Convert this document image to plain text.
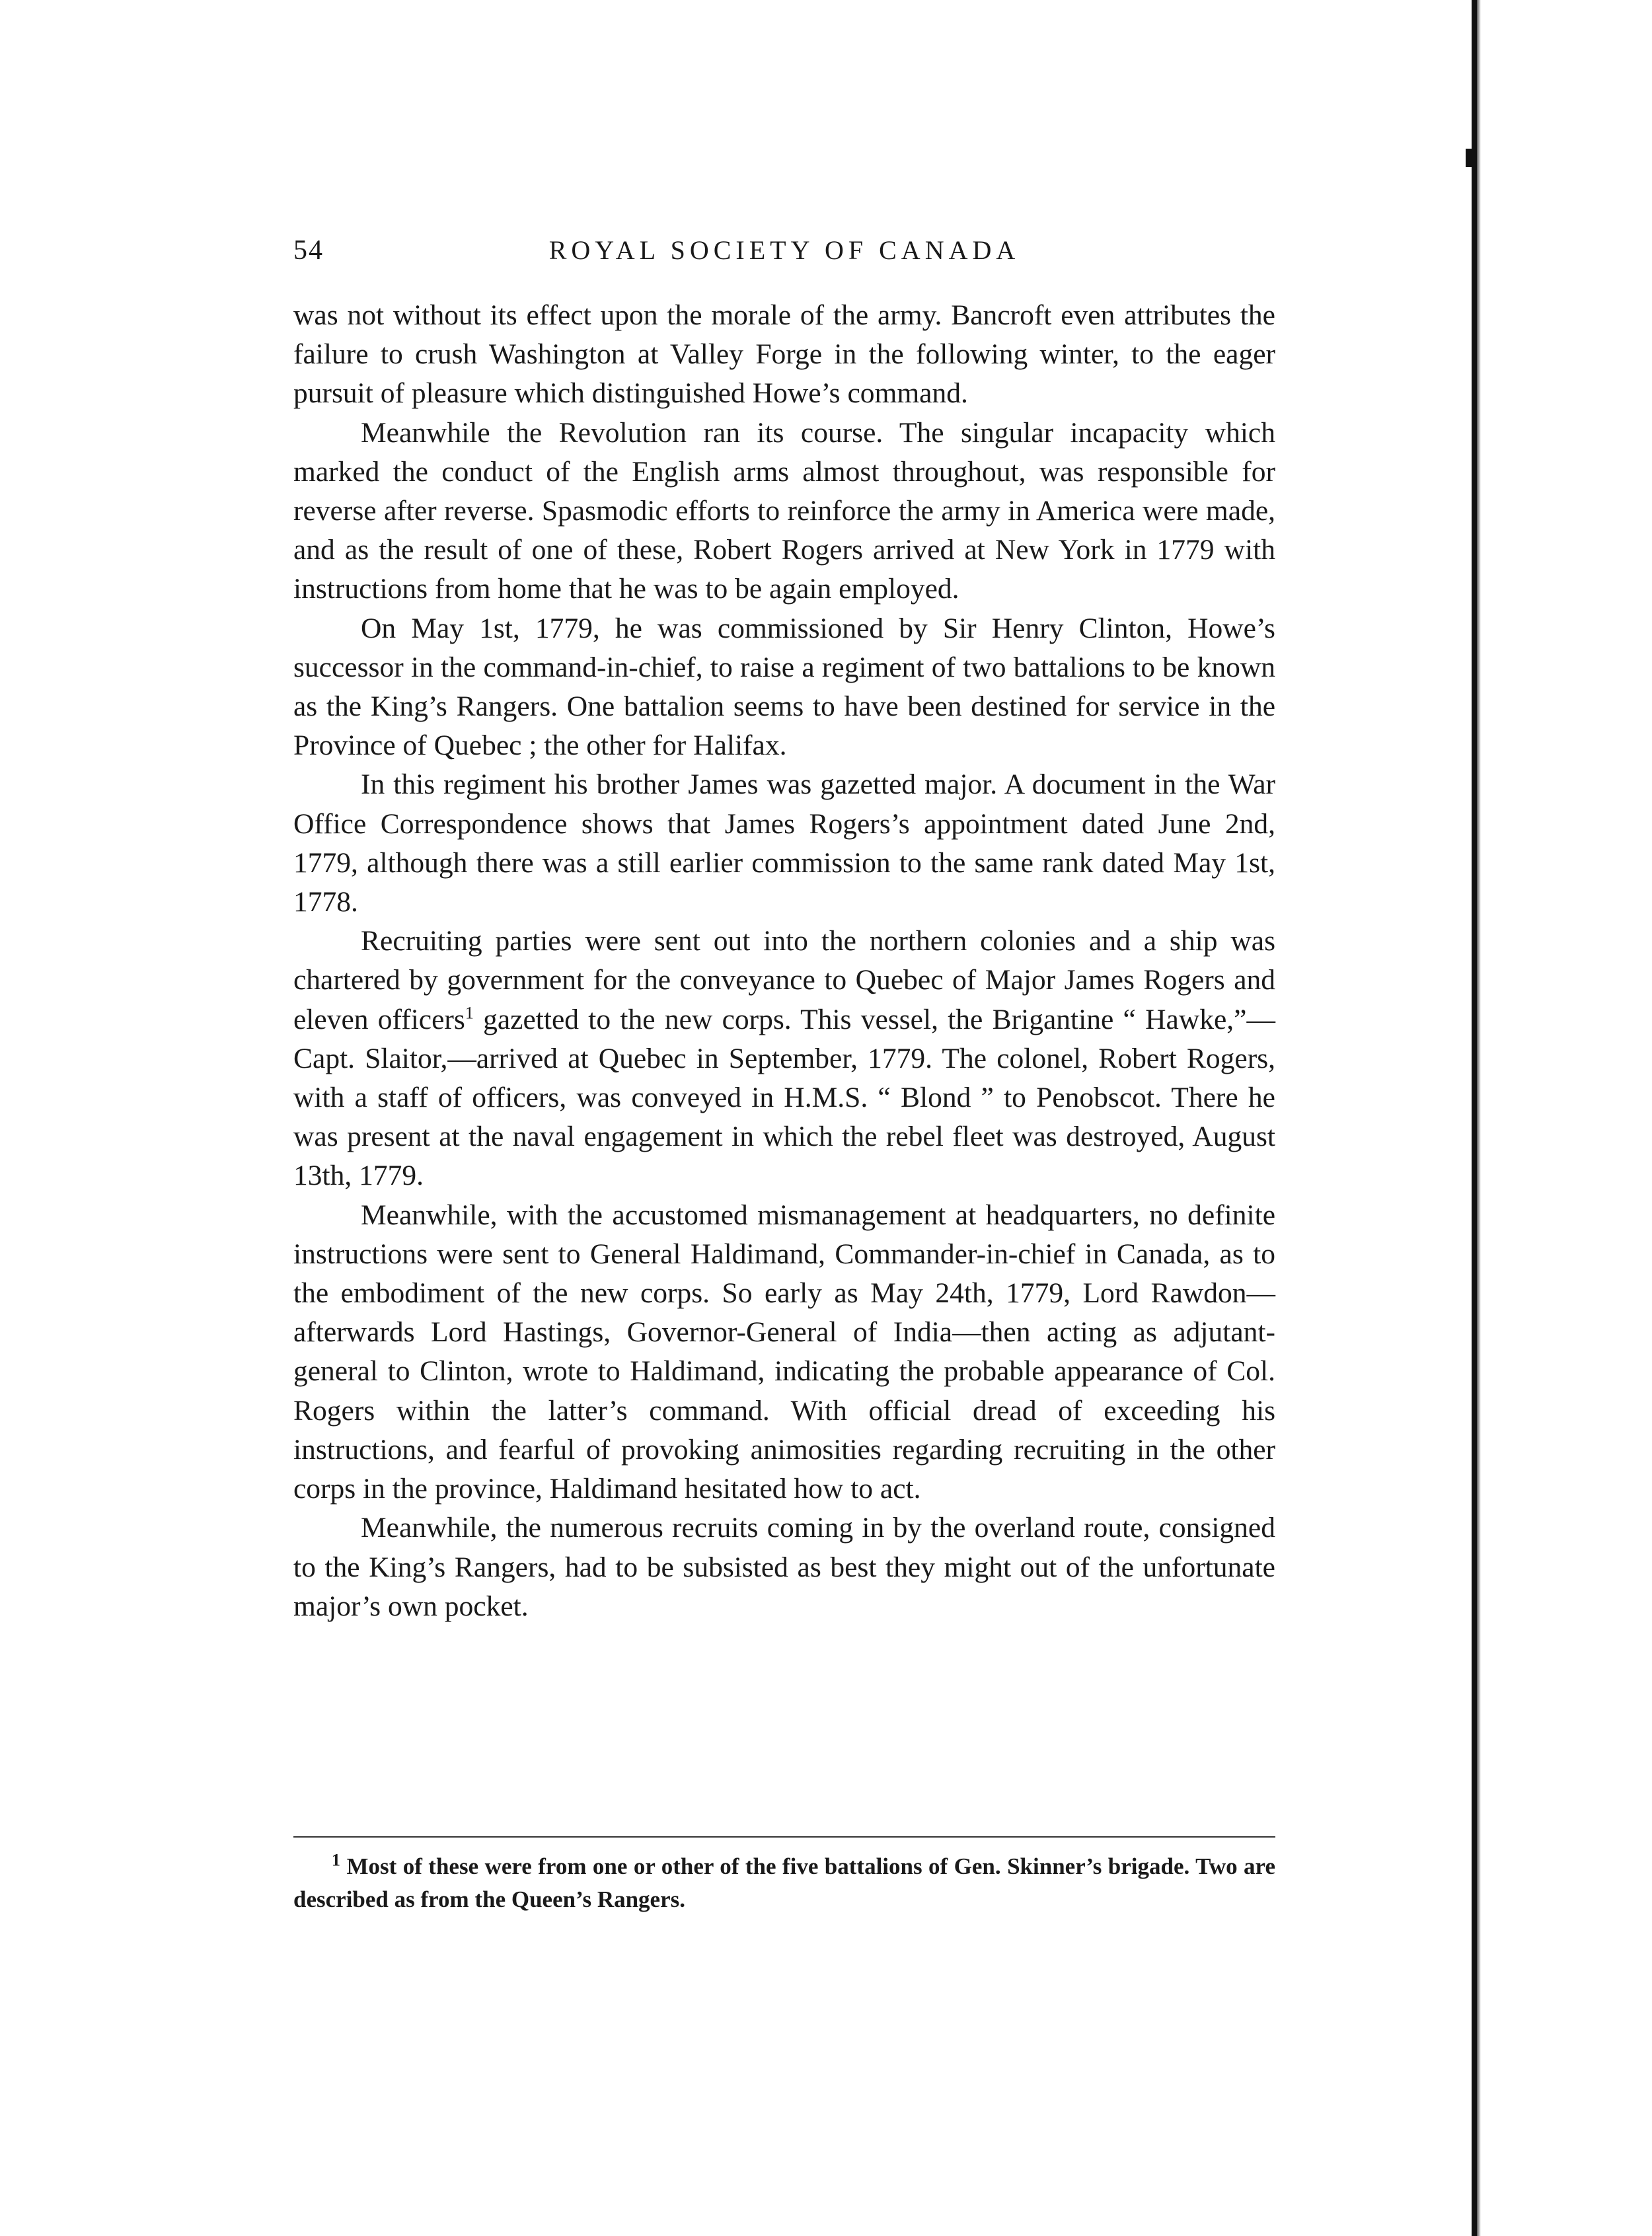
54	ROYAL SOCIETY OF CANADA

was not without its effect upon the morale of the army. Bancroft even attributes the failure to crush Washington at Valley Forge in the following winter, to the eager pursuit of pleasure which distinguished Howe’s command.

Meanwhile the Revolution ran its course. The singular incapacity which marked the conduct of the English arms almost throughout, was responsible for reverse after reverse. Spasmodic efforts to reinforce the army in America were made, and as the result of one of these, Robert Rogers arrived at New York in 1779 with instructions from home that he was to be again employed.

On May 1st, 1779, he was commissioned by Sir Henry Clinton, Howe’s successor in the command-in-chief, to raise a regiment of two battalions to be known as the King’s Rangers. One battalion seems to have been destined for service in the Province of Quebec ; the other for Halifax.

In this regiment his brother James was gazetted major. A document in the War Office Correspondence shows that James Rogers’s appointment dated June 2nd, 1779, although there was a still earlier commission to the same rank dated May 1st, 1778.

Recruiting parties were sent out into the northern colonies and a ship was chartered by government for the conveyance to Quebec of Major James Rogers and eleven officers$^1$ gazetted to the new corps. This vessel, the Brigantine “ Hawke,”—Capt. Slaitor,—arrived at Quebec in September, 1779. The colonel, Robert Rogers, with a staff of officers, was conveyed in H.M.S. “ Blond ” to Penobscot. There he was present at the naval engagement in which the rebel fleet was destroyed, August 13th, 1779.

Meanwhile, with the accustomed mismanagement at headquarters, no definite instructions were sent to General Haldimand, Commander-in-chief in Canada, as to the embodiment of the new corps. So early as May 24th, 1779, Lord Rawdon—afterwards Lord Hastings, Governor-General of India—then acting as adjutant-general to Clinton, wrote to Haldimand, indicating the probable appearance of Col. Rogers within the latter’s command. With official dread of exceeding his instructions, and fearful of provoking animosities regarding recruiting in the other corps in the province, Haldimand hesitated how to act.

Meanwhile, the numerous recruits coming in by the overland route, consigned to the King’s Rangers, had to be subsisted as best they might out of the unfortunate major’s own pocket.

$^1$ Most of these were from one or other of the five battalions of Gen. Skinner’s brigade. Two are described as from the Queen’s Rangers.
